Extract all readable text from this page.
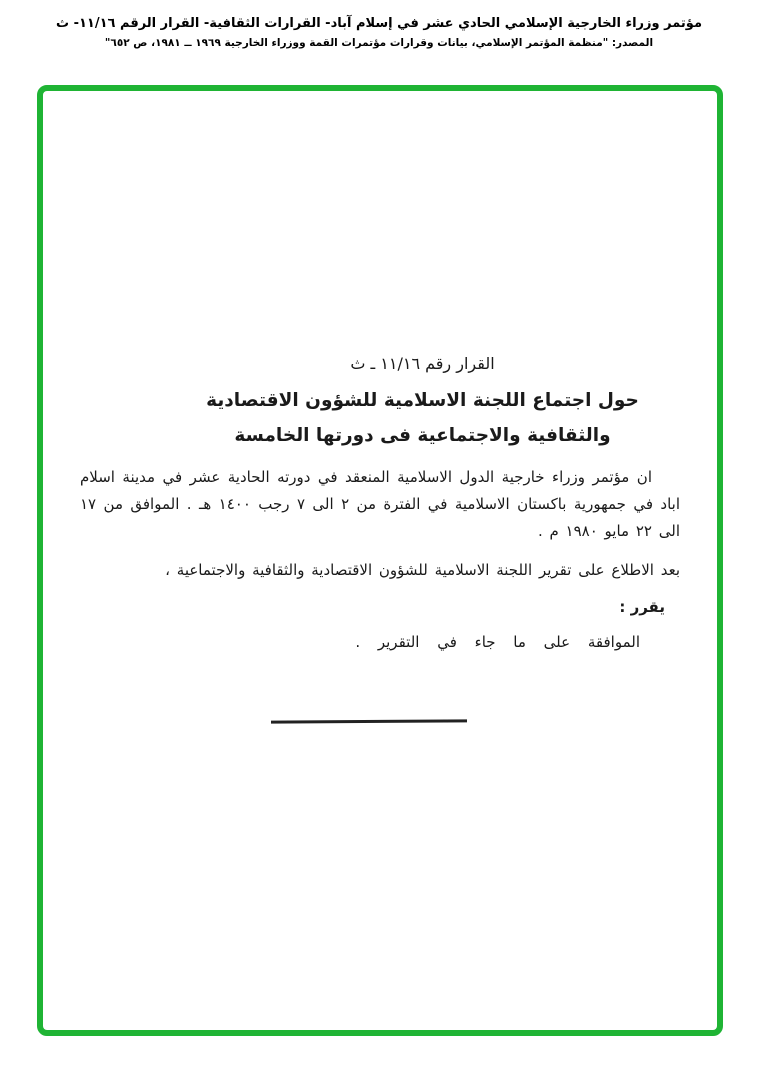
مؤتمر وزراء الخارجية الإسلامي الحادي عشر في إسلام آباد- القرارات الثقافية- القرار الرقم ١١/١٦- ث
المصدر: "منظمة المؤتمر الإسلامي، بيانات وقرارات مؤتمرات القمة ووزراء الخارجية ١٩٦٩ ــ ١٩٨١، ص ٦٥٢"
القرار رقم ١١/١٦ ـ ث
حول اجتماع اللجنة الاسلامية للشؤون الاقتصادية
والثقافية والاجتماعية فى دورتها الخامسة

ان مؤتمر وزراء خارجية الدول الاسلامية المنعقد في دورته الحادية عشر في مدينة اسلام اباد في جمهورية باكستان الاسلامية في الفترة من ٢ الى ٧ رجب ١٤٠٠ هـ . الموافق من ١٧ الى ٢٢ مايو ١٩٨٠ م .

بعد الاطلاع على تقرير اللجنة الاسلامية للشؤون الاقتصادية والثقافية والاجتماعية ،

يقرر :

الموافقة على ما جاء في التقرير .
